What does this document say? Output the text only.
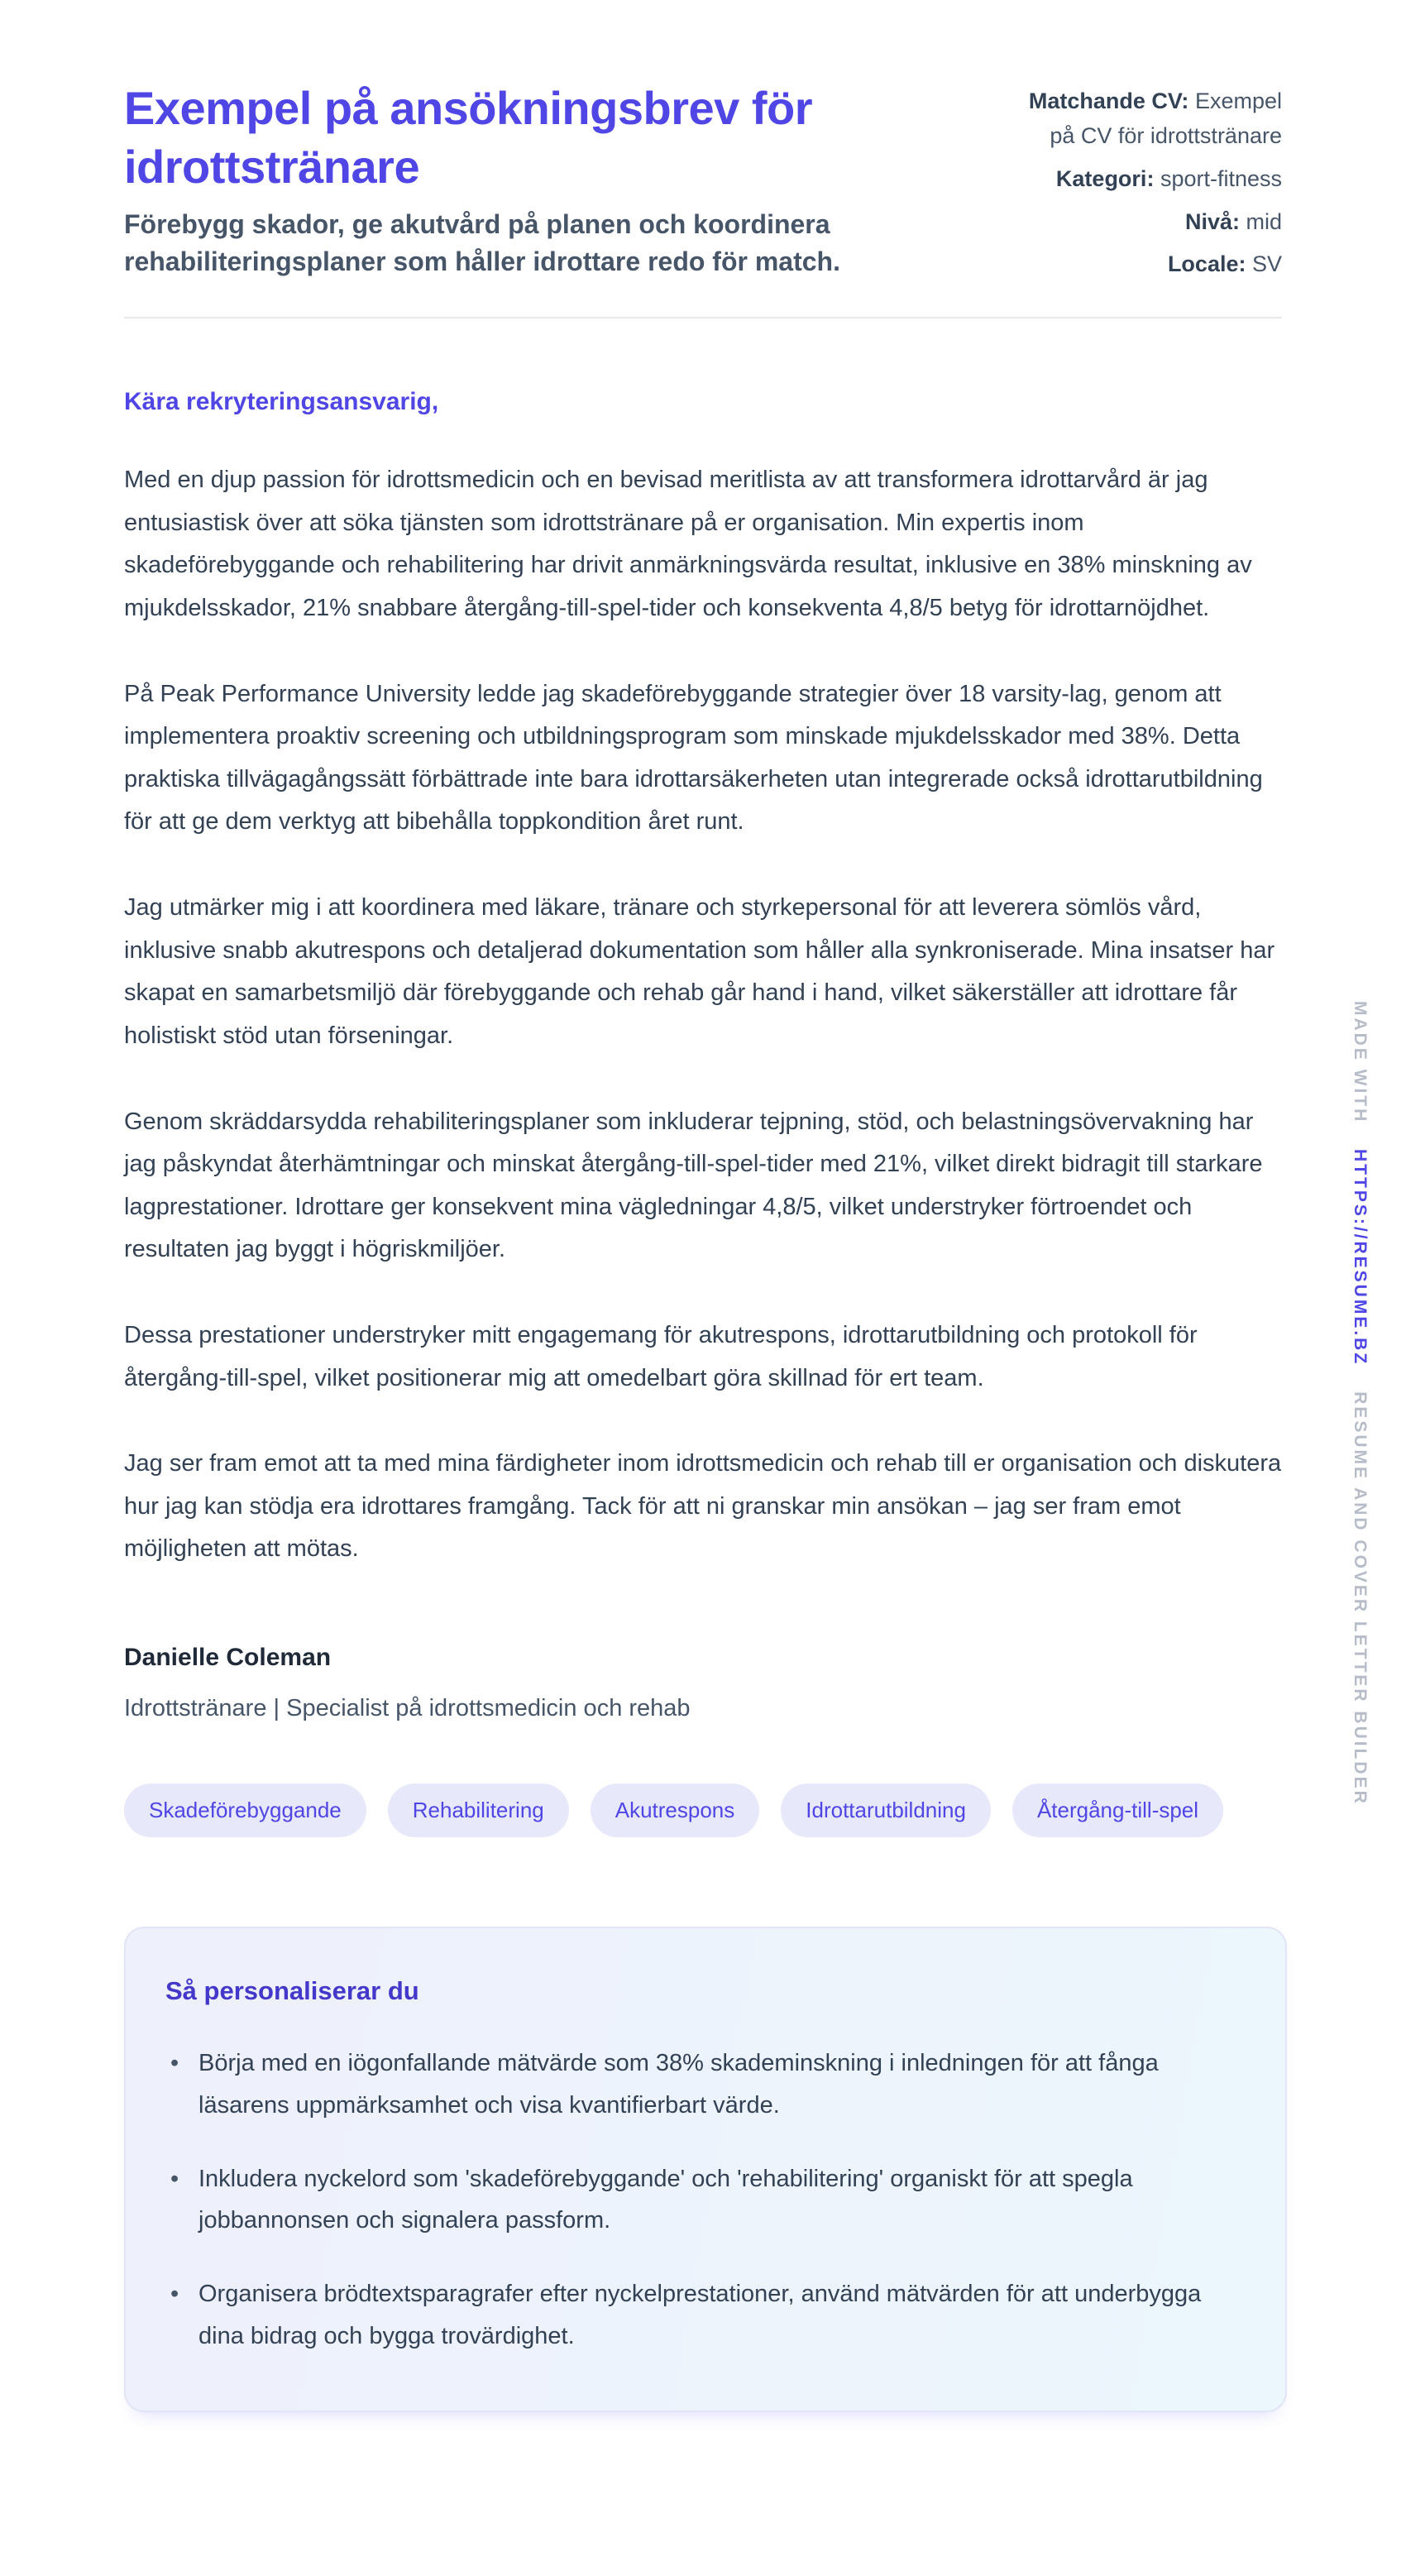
Exempel på ansökningsbrev för idrottstränare

Förebygg skador, ge akutvård på planen och koordinera rehabiliteringsplaner som håller idrottare redo för match.

Matchande CV: Exempel på CV för idrottstränare
Kategori: sport-fitness
Nivå: mid
Locale: SV

Kära rekryteringsansvarig,

Med en djup passion för idrottsmedicin och en bevisad meritlista av att transformera idrottarvård är jag entusiastisk över att söka tjänsten som idrottstränare på er organisation. Min expertis inom skadeförebyggande och rehabilitering har drivit anmärkningsvärda resultat, inklusive en 38% minskning av mjukdelsskador, 21% snabbare återgång-till-spel-tider och konsekventa 4,8/5 betyg för idrottarnöjdhet.

På Peak Performance University ledde jag skadeförebyggande strategier över 18 varsity-lag, genom att implementera proaktiv screening och utbildningsprogram som minskade mjukdelsskador med 38%. Detta praktiska tillvägagångssätt förbättrade inte bara idrottarsäkerheten utan integrerade också idrottarutbildning för att ge dem verktyg att bibehålla toppkondition året runt.

Jag utmärker mig i att koordinera med läkare, tränare och styrkepersonal för att leverera sömlös vård, inklusive snabb akutrespons och detaljerad dokumentation som håller alla synkroniserade. Mina insatser har skapat en samarbetsmiljö där förebyggande och rehab går hand i hand, vilket säkerställer att idrottare får holistiskt stöd utan förseningar.

Genom skräddarsydda rehabiliteringsplaner som inkluderar tejpning, stöd, och belastningsövervakning har jag påskyndat återhämtningar och minskat återgång-till-spel-tider med 21%, vilket direkt bidragit till starkare lagprestationer. Idrottare ger konsekvent mina vägledningar 4,8/5, vilket understryker förtroendet och resultaten jag byggt i högriskmiljöer.

Dessa prestationer understryker mitt engagemang för akutrespons, idrottarutbildning och protokoll för återgång-till-spel, vilket positionerar mig att omedelbart göra skillnad för ert team.

Jag ser fram emot att ta med mina färdigheter inom idrottsmedicin och rehab till er organisation och diskutera hur jag kan stödja era idrottares framgång. Tack för att ni granskar min ansökan – jag ser fram emot möjligheten att mötas.

Danielle Coleman

Idrottstränare | Specialist på idrottsmedicin och rehab

Skadeförebyggande	Rehabilitering	Akutrespons	Idrottarutbildning	Återgång-till-spel
Så personaliserar du
• Börja med en iögonfallande mätvärde som 38% skademinskning i inledningen för att fånga läsarens uppmärksamhet och visa kvantifierbart värde.
• Inkludera nyckelord som 'skadeförebyggande' och 'rehabilitering' organiskt för att spegla jobbannonsen och signalera passform.
• Organisera brödtextsparagrafer efter nyckelprestationer, använd mätvärden för att underbygga dina bidrag och bygga trovärdighet.
MADE WITH HTTPS://RESUME.BZ RESUME AND COVER LETTER BUILDER
